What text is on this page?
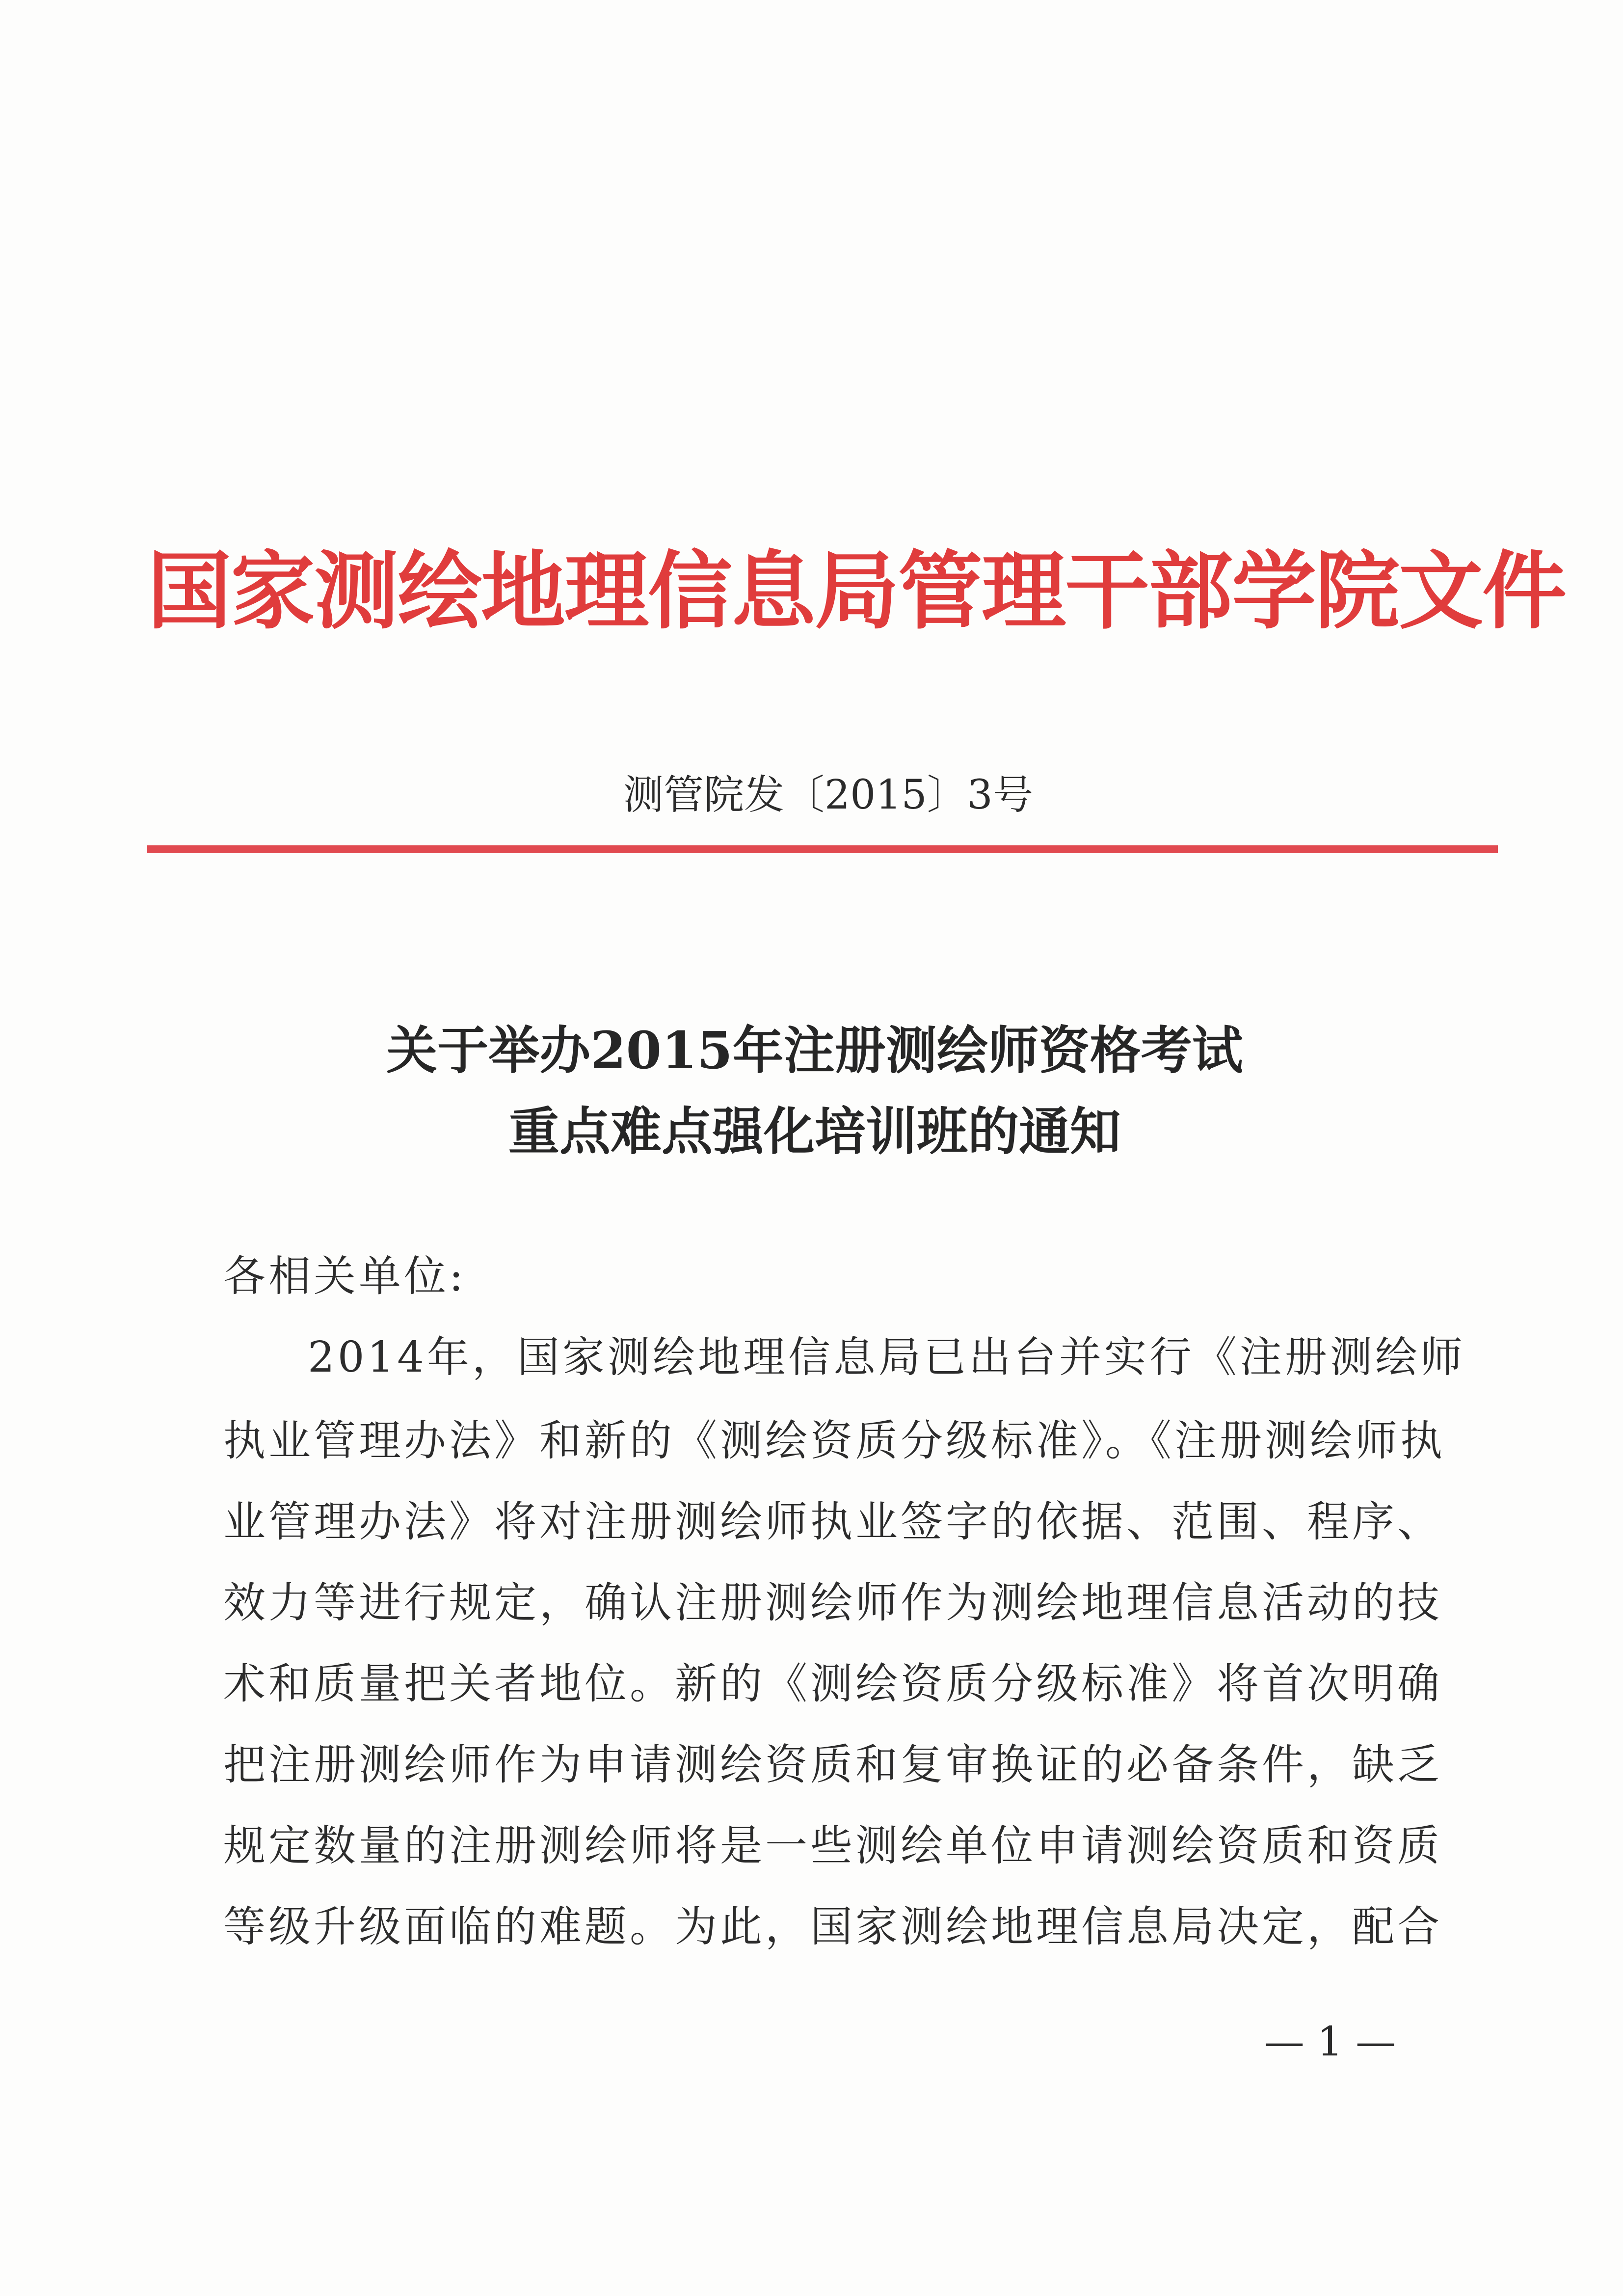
国家测绘地理信息局管理干部学院文件
测管院发〔2015〕3号
关于举办2015年注册测绘师资格考试
重点难点强化培训班的通知
各相关单位:
2014年，国家测绘地理信息局已出台并实行《注册测绘师
执业管理办法》和新的《测绘资质分级标准》。《注册测绘师执
业管理办法》将对注册测绘师执业签字的依据、范围、程序、
效力等进行规定，确认注册测绘师作为测绘地理信息活动的技
术和质量把关者地位。新的《测绘资质分级标准》将首次明确
把注册测绘师作为申请测绘资质和复审换证的必备条件，缺乏
规定数量的注册测绘师将是一些测绘单位申请测绘资质和资质
等级升级面临的难题。为此，国家测绘地理信息局决定，配合
— 1 —
